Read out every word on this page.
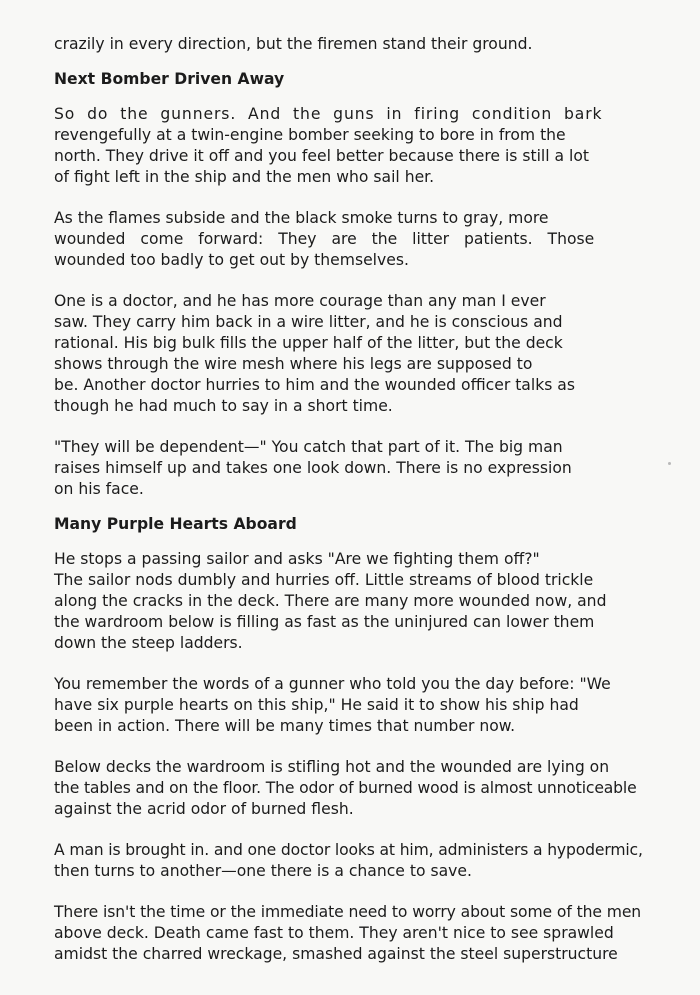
crazily in every direction, but the firemen stand their ground.
Next Bomber Driven Away
So do the gunners. And the guns in firing condition bark
revengefully at a twin-engine bomber seeking to bore in from the
north. They drive it off and you feel better because there is still a lot
of fight left in the ship and the men who sail her.
As the flames subside and the black smoke turns to gray, more
wounded come forward: They are the litter patients. Those
wounded too badly to get out by themselves.
One is a doctor, and he has more courage than any man I ever
saw. They carry him back in a wire litter, and he is conscious and
rational. His big bulk fills the upper half of the litter, but the deck
shows through the wire mesh where his legs are supposed to
be. Another doctor hurries to him and the wounded officer talks as
though he had much to say in a short time.
"They will be dependent—" You catch that part of it. The big man
raises himself up and takes one look down. There is no expression
on his face.
Many Purple Hearts Aboard
He stops a passing sailor and asks "Are we fighting them off?"
The sailor nods dumbly and hurries off. Little streams of blood trickle
along the cracks in the deck. There are many more wounded now, and
the wardroom below is filling as fast as the uninjured can lower them
down the steep ladders.
You remember the words of a gunner who told you the day before: "We
have six purple hearts on this ship," He said it to show his ship had
been in action. There will be many times that number now.
Below decks the wardroom is stifling hot and the wounded are lying on
the tables and on the floor. The odor of burned wood is almost unnoticeable
against the acrid odor of burned flesh.
A man is brought in. and one doctor looks at him, administers a hypodermic,
then turns to another—one there is a chance to save.
There isn't the time or the immediate need to worry about some of the men
above deck. Death came fast to them. They aren't nice to see sprawled
amidst the charred wreckage, smashed against the steel superstructure
